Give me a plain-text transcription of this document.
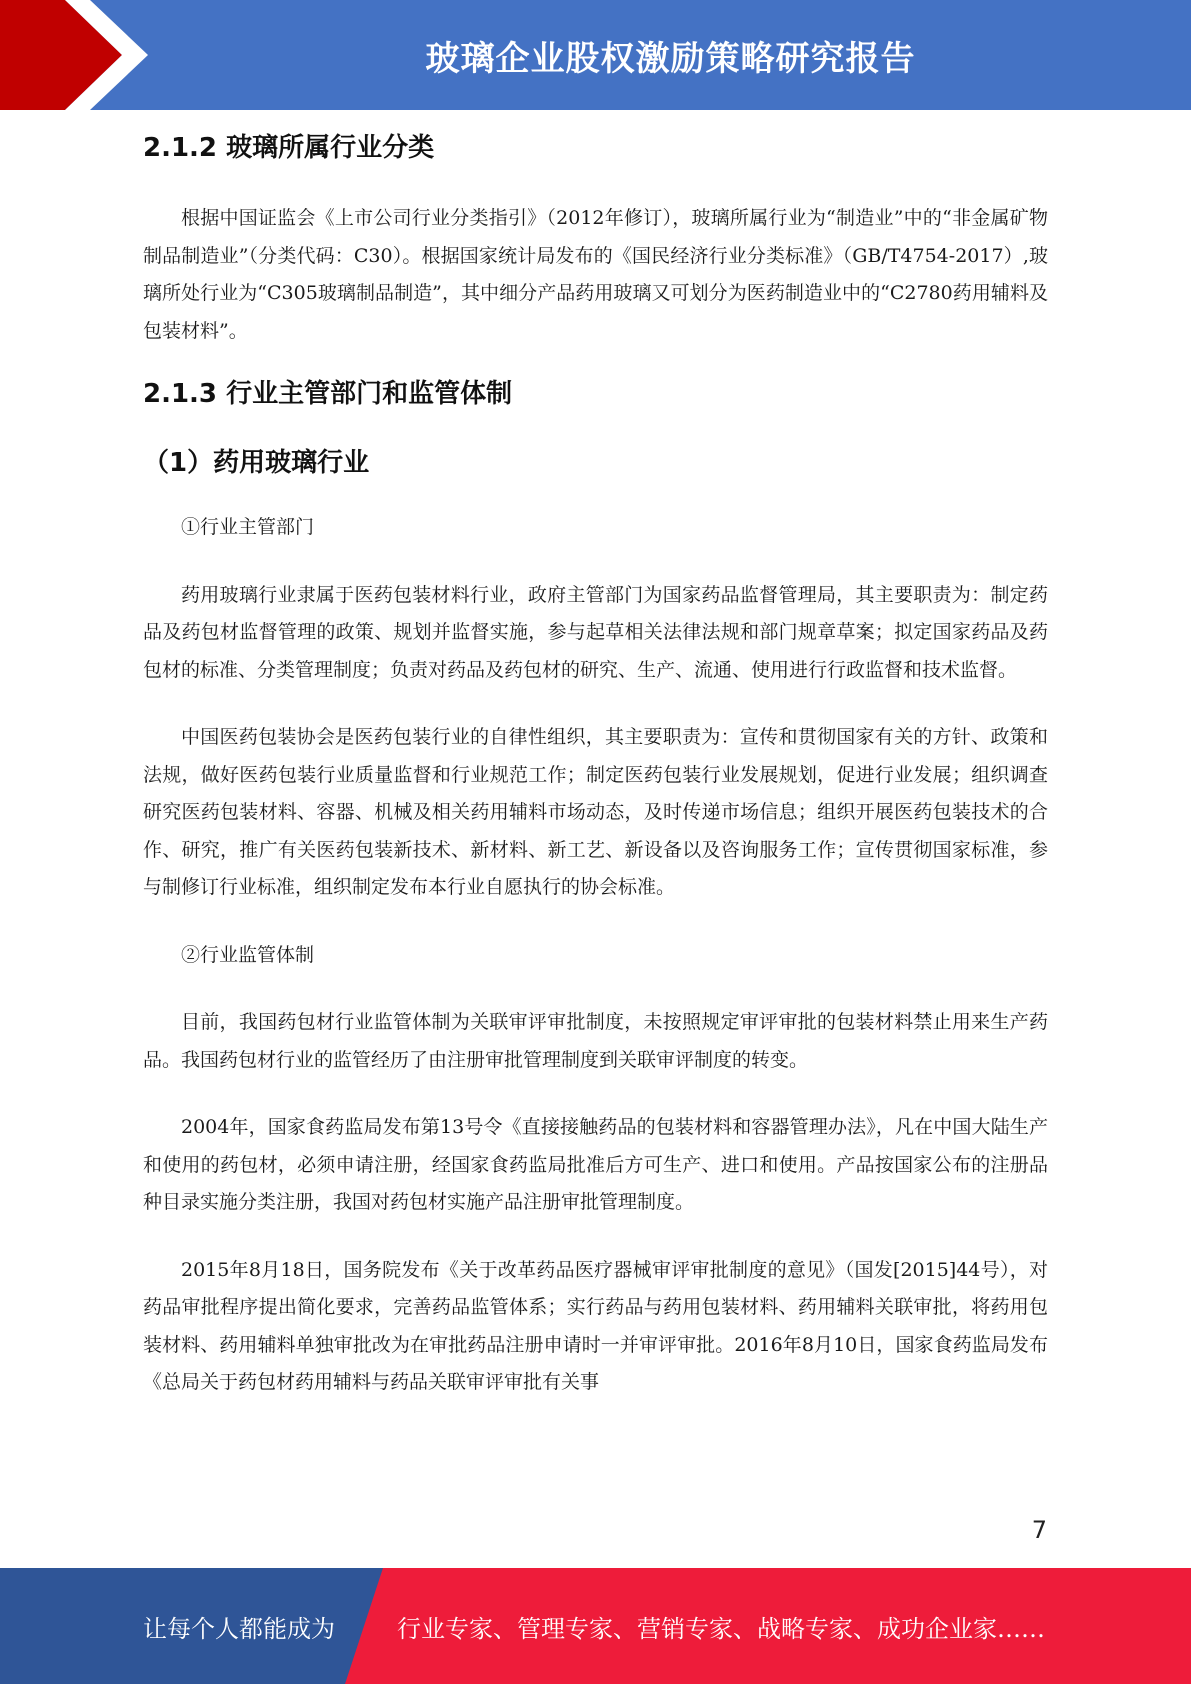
玻璃企业股权激励策略研究报告
2.1.2 玻璃所属行业分类

根据中国证监会《上市公司行业分类指引》（2012年修订），玻璃所属行业为“制造业”中的“非金属矿物制品制造业”（分类代码：C30）。根据国家统计局发布的《国民经济行业分类标准》（GB/T4754-2017）,玻璃所处行业为“C305玻璃制品制造”，其中细分产品药用玻璃又可划分为医药制造业中的“C2780药用辅料及包装材料”。

2.1.3 行业主管部门和监管体制
（1）药用玻璃行业

①行业主管部门

药用玻璃行业隶属于医药包装材料行业，政府主管部门为国家药品监督管理局，其主要职责为：制定药品及药包材监督管理的政策、规划并监督实施，参与起草相关法律法规和部门规章草案；拟定国家药品及药包材的标准、分类管理制度；负责对药品及药包材的研究、生产、流通、使用进行行政监督和技术监督。

中国医药包装协会是医药包装行业的自律性组织，其主要职责为：宣传和贯彻国家有关的方针、政策和法规，做好医药包装行业质量监督和行业规范工作；制定医药包装行业发展规划，促进行业发展；组织调查研究医药包装材料、容器、机械及相关药用辅料市场动态，及时传递市场信息；组织开展医药包装技术的合作、研究，推广有关医药包装新技术、新材料、新工艺、新设备以及咨询服务工作；宣传贯彻国家标准，参与制修订行业标准，组织制定发布本行业自愿执行的协会标准。

②行业监管体制

目前，我国药包材行业监管体制为关联审评审批制度，未按照规定审评审批的包装材料禁止用来生产药品。我国药包材行业的监管经历了由注册审批管理制度到关联审评制度的转变。

2004年，国家食药监局发布第13号令《直接接触药品的包装材料和容器管理办法》，凡在中国大陆生产和使用的药包材，必须申请注册，经国家食药监局批准后方可生产、进口和使用。产品按国家公布的注册品种目录实施分类注册，我国对药包材实施产品注册审批管理制度。

2015年8月18日，国务院发布《关于改革药品医疗器械审评审批制度的意见》（国发[2015]44号），对药品审批程序提出简化要求，完善药品监管体系；实行药品与药用包装材料、药用辅料关联审批，将药用包装材料、药用辅料单独审批改为在审批药品注册申请时一并审评审批。2016年8月10日，国家食药监局发布《总局关于药包材药用辅料与药品关联审评审批有关事

7
让每个人都能成为	行业专家、管理专家、营销专家、战略专家、成功企业家……
